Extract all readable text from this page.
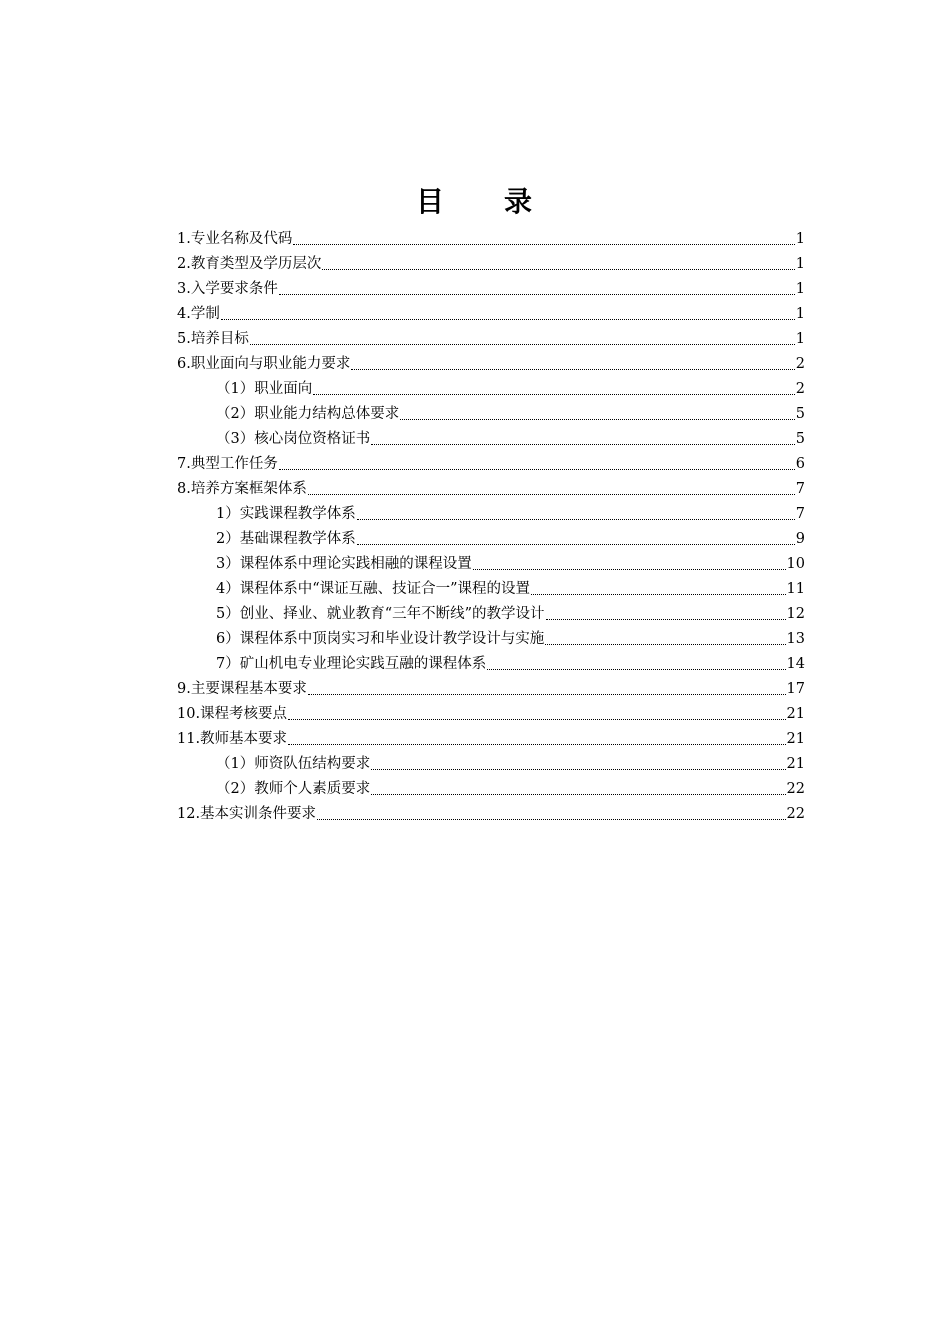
目 录
1.专业名称及代码	1
2.教育类型及学历层次	1
3.入学要求条件	1
4.学制	1
5.培养目标	1
6.职业面向与职业能力要求	2
（1）职业面向	2
（2）职业能力结构总体要求	5
（3）核心岗位资格证书	5
7.典型工作任务	6
8.培养方案框架体系	7
1）实践课程教学体系	7
2）基础课程教学体系	9
3）课程体系中理论实践相融的课程设置	10
4）课程体系中“课证互融、技证合一”课程的设置	11
5）创业、择业、就业教育“三年不断线”的教学设计	12
6）课程体系中顶岗实习和毕业设计教学设计与实施	13
7）矿山机电专业理论实践互融的课程体系	14
9.主要课程基本要求	17
10.课程考核要点	21
11.教师基本要求	21
（1）师资队伍结构要求	21
（2）教师个人素质要求	22
12.基本实训条件要求	22
